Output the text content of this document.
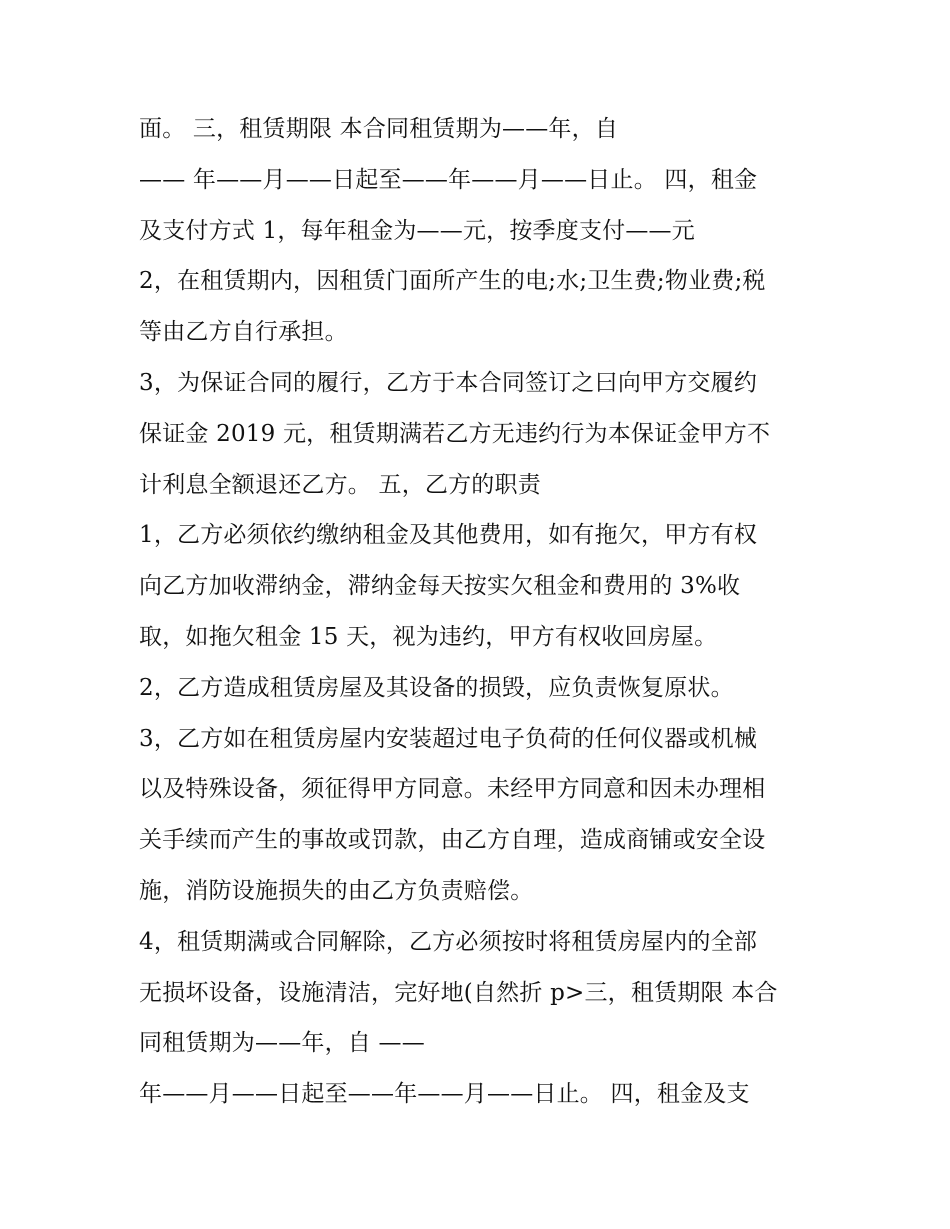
面。 三，租赁期限 本合同租赁期为——年，自
—— 年——月——日起至——年——月——日止。 四，租金
及支付方式 1，每年租金为——元，按季度支付——元
2，在租赁期内，因租赁门面所产生的电;水;卫生费;物业费;税
等由乙方自行承担。
3，为保证合同的履行，乙方于本合同签订之曰向甲方交履约
保证金 2019 元，租赁期满若乙方无违约行为本保证金甲方不
计利息全额退还乙方。 五，乙方的职责
1，乙方必须依约缴纳租金及其他费用，如有拖欠，甲方有权
向乙方加收滞纳金，滞纳金每天按实欠租金和费用的 3%收
取，如拖欠租金 15 天，视为违约，甲方有权收回房屋。
2，乙方造成租赁房屋及其设备的损毁，应负责恢复原状。
3，乙方如在租赁房屋内安装超过电子负荷的任何仪器或机械
以及特殊设备，须征得甲方同意。未经甲方同意和因未办理相
关手续而产生的事故或罚款，由乙方自理，造成商铺或安全设
施，消防设施损失的由乙方负责赔偿。
4，租赁期满或合同解除，乙方必须按时将租赁房屋内的全部
无损坏设备，设施清洁，完好地(自然折 p>三，租赁期限 本合
同租赁期为——年，自 ——
年——月——日起至——年——月——日止。 四，租金及支
